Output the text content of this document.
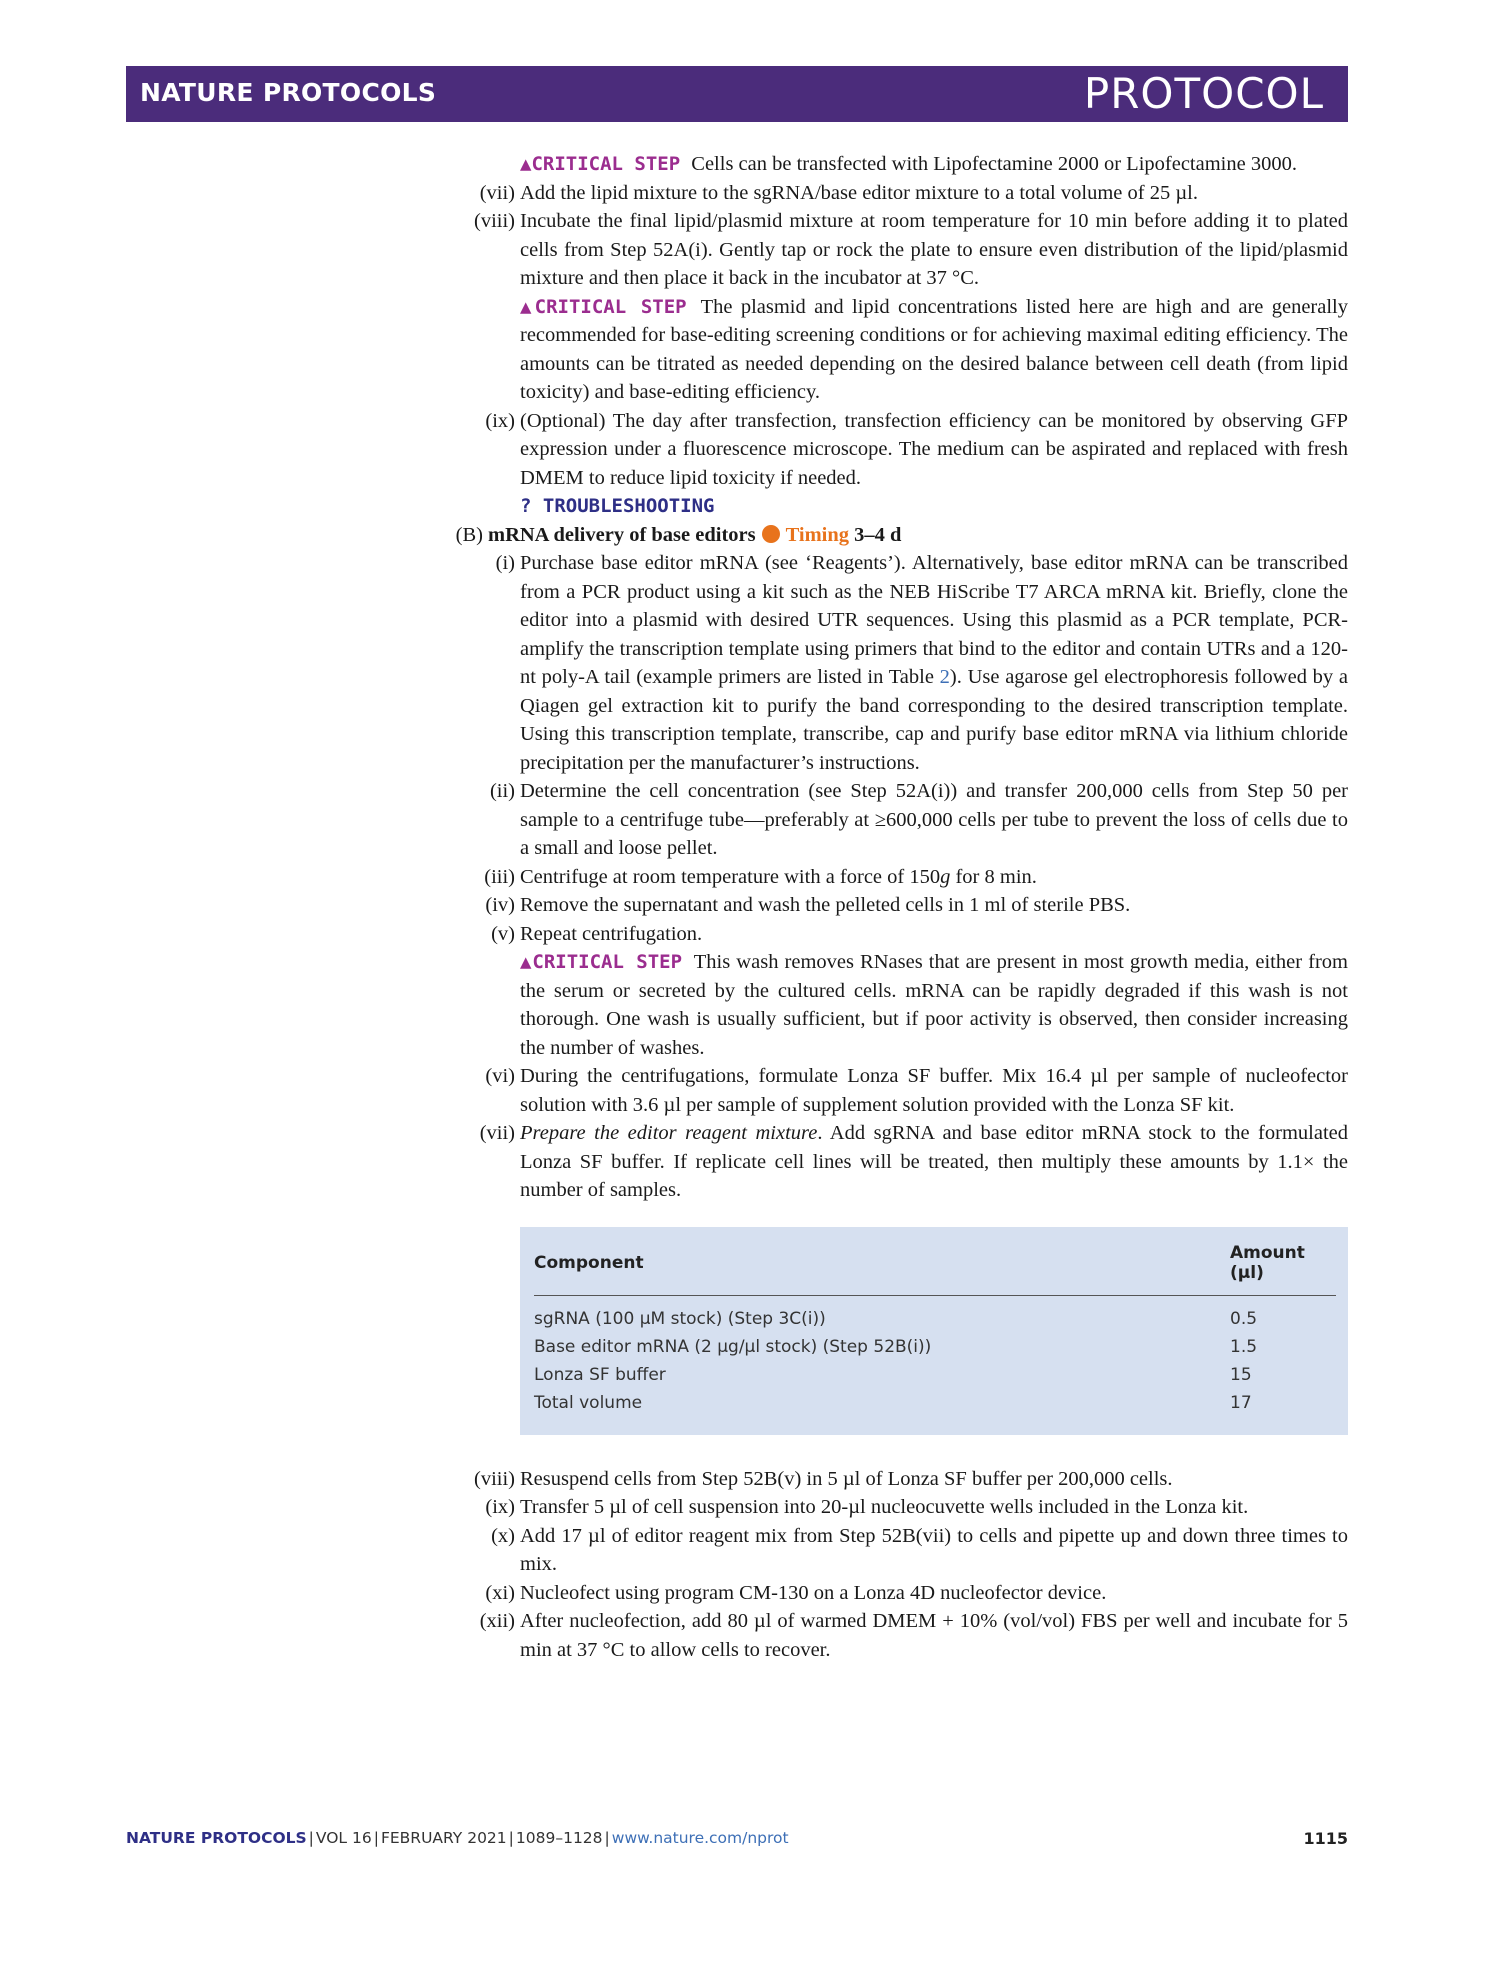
NATURE PROTOCOLS	PROTOCOL
▲CRITICAL STEP Cells can be transfected with Lipofectamine 2000 or Lipofectamine 3000.
(vii) Add the lipid mixture to the sgRNA/base editor mixture to a total volume of 25 µl.
(viii) Incubate the final lipid/plasmid mixture at room temperature for 10 min before adding it to plated cells from Step 52A(i). Gently tap or rock the plate to ensure even distribution of the lipid/plasmid mixture and then place it back in the incubator at 37 °C.
▲CRITICAL STEP The plasmid and lipid concentrations listed here are high and are generally recommended for base-editing screening conditions or for achieving maximal editing efficiency. The amounts can be titrated as needed depending on the desired balance between cell death (from lipid toxicity) and base-editing efficiency.
(ix) (Optional) The day after transfection, transfection efficiency can be monitored by observing GFP expression under a fluorescence microscope. The medium can be aspirated and replaced with fresh DMEM to reduce lipid toxicity if needed.
? TROUBLESHOOTING
(B) mRNA delivery of base editors Timing 3–4 d
(i) Purchase base editor mRNA (see ‘Reagents’). Alternatively, base editor mRNA can be transcribed from a PCR product using a kit such as the NEB HiScribe T7 ARCA mRNA kit. Briefly, clone the editor into a plasmid with desired UTR sequences. Using this plasmid as a PCR template, PCR-amplify the transcription template using primers that bind to the editor and contain UTRs and a 120-nt poly-A tail (example primers are listed in Table 2). Use agarose gel electrophoresis followed by a Qiagen gel extraction kit to purify the band corresponding to the desired transcription template. Using this transcription template, transcribe, cap and purify base editor mRNA via lithium chloride precipitation per the manufacturer’s instructions.
(ii) Determine the cell concentration (see Step 52A(i)) and transfer 200,000 cells from Step 50 per sample to a centrifuge tube—preferably at ≥600,000 cells per tube to prevent the loss of cells due to a small and loose pellet.
(iii) Centrifuge at room temperature with a force of 150g for 8 min.
(iv) Remove the supernatant and wash the pelleted cells in 1 ml of sterile PBS.
(v) Repeat centrifugation.
▲CRITICAL STEP This wash removes RNases that are present in most growth media, either from the serum or secreted by the cultured cells. mRNA can be rapidly degraded if this wash is not thorough. One wash is usually sufficient, but if poor activity is observed, then consider increasing the number of washes.
(vi) During the centrifugations, formulate Lonza SF buffer. Mix 16.4 µl per sample of nucleofector solution with 3.6 µl per sample of supplement solution provided with the Lonza SF kit.
(vii) Prepare the editor reagent mixture. Add sgRNA and base editor mRNA stock to the formulated Lonza SF buffer. If replicate cell lines will be treated, then multiply these amounts by 1.1× the number of samples.
Component	Amount (µl)
sgRNA (100 µM stock) (Step 3C(i))	0.5
Base editor mRNA (2 µg/µl stock) (Step 52B(i))	1.5
Lonza SF buffer	15
Total volume	17
(viii) Resuspend cells from Step 52B(v) in 5 µl of Lonza SF buffer per 200,000 cells.
(ix) Transfer 5 µl of cell suspension into 20-µl nucleocuvette wells included in the Lonza kit.
(x) Add 17 µl of editor reagent mix from Step 52B(vii) to cells and pipette up and down three times to mix.
(xi) Nucleofect using program CM-130 on a Lonza 4D nucleofector device.
(xii) After nucleofection, add 80 µl of warmed DMEM + 10% (vol/vol) FBS per well and incubate for 5 min at 37 °C to allow cells to recover.
NATURE PROTOCOLS | VOL 16 | FEBRUARY 2021 | 1089–1128 | www.nature.com/nprot	1115
